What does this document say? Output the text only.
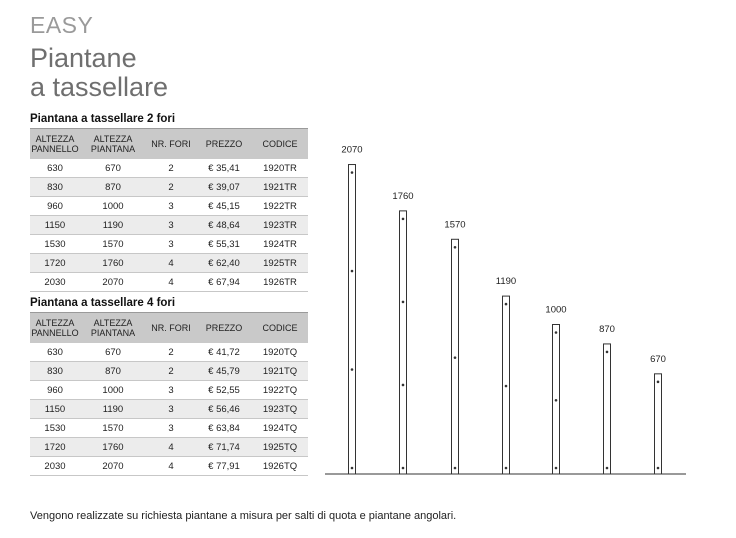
EASY
Piantane
a tassellare
Piantana a tassellare 2 fori
ALTEZZA PANNELLO	ALTEZZA PIANTANA	NR. FORI	PREZZO	CODICE
630	670	2	€ 35,41	1920TR
830	870	2	€ 39,07	1921TR
960	1000	3	€ 45,15	1922TR
1150	1190	3	€ 48,64	1923TR
1530	1570	3	€ 55,31	1924TR
1720	1760	4	€ 62,40	1925TR
2030	2070	4	€ 67,94	1926TR
Piantana a tassellare 4 fori
ALTEZZA PANNELLO	ALTEZZA PIANTANA	NR. FORI	PREZZO	CODICE
630	670	2	€ 41,72	1920TQ
830	870	2	€ 45,79	1921TQ
960	1000	3	€ 52,55	1922TQ
1150	1190	3	€ 56,46	1923TQ
1530	1570	3	€ 63,84	1924TQ
1720	1760	4	€ 71,74	1925TQ
2030	2070	4	€ 77,91	1926TQ
2070
1760
1570
1190
1000
870
670
Vengono realizzate su richiesta piantane a misura per salti di quota e piantane angolari.
